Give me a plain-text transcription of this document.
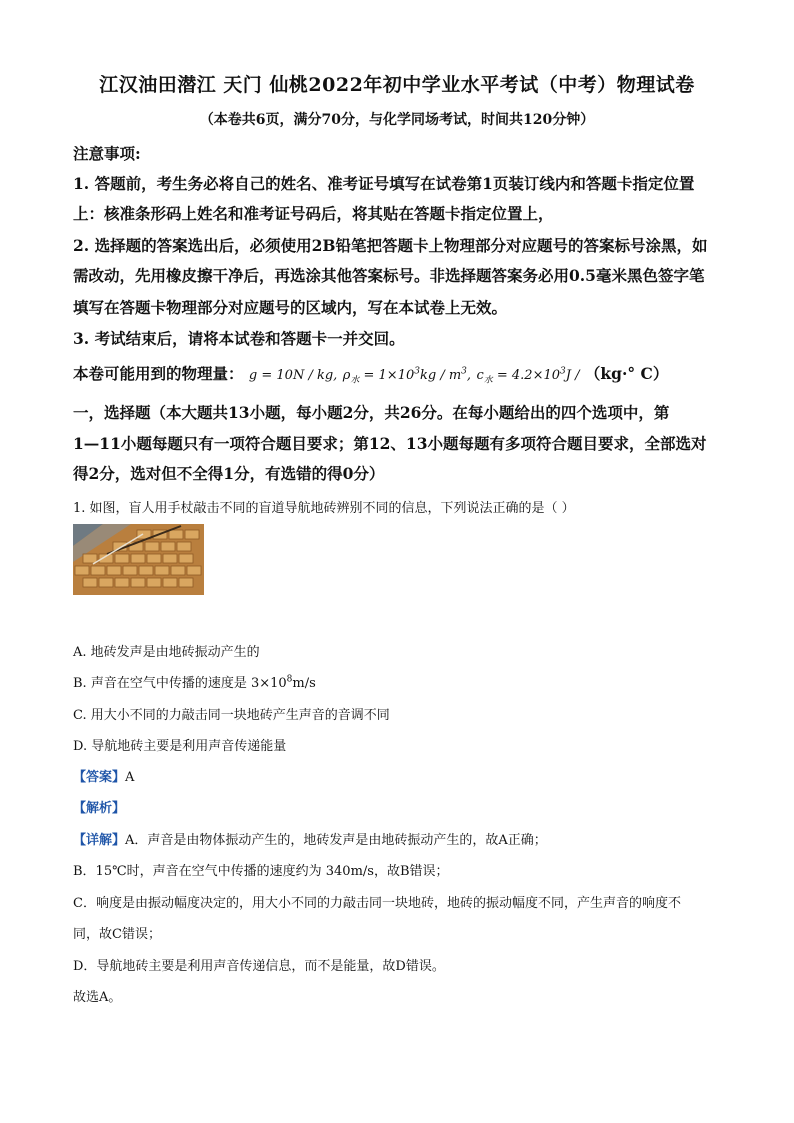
江汉油田潜江 天门 仙桃2022年初中学业水平考试（中考）物理试卷
（本卷共6页，满分70分，与化学同场考试，时间共120分钟）
注意事项:
1. 答题前，考生务必将自己的姓名、准考证号填写在试卷第1页装订线内和答题卡指定位置
上：核准条形码上姓名和准考证号码后，将其贴在答题卡指定位置上，
2. 选择题的答案选出后，必须使用2B铅笔把答题卡上物理部分对应题号的答案标号涂黑，如
需改动，先用橡皮擦干净后，再选涂其他答案标号。非选择题答案务必用0.5毫米黑色签字笔
填写在答题卡物理部分对应题号的区域内，写在本试卷上无效。
3. 考试结束后，请将本试卷和答题卡一并交回。
本卷可能用到的物理量： g = 10N / kg, $\rho_水 = 1\times 10^3kg / m^3$, $c_水 = 4.2\times 10^3J / (kg\cdot^\circ$ C）
一，选择题（本大题共13小题，每小题2分，共26分。在每小题给出的四个选项中，第
1—11小题每题只有一项符合题目要求；第12、13小题每题有多项符合题目要求，全部选对
得2分，选对但不全得1分，有选错的得0分）
1. 如图，盲人用手杖敲击不同的盲道导航地砖辨别不同的信息，下列说法正确的是（ ）
A. 地砖发声是由地砖振动产生的
B. 声音在空气中传播的速度是 $3\times 10^8m/s$
C. 用大小不同的力敲击同一块地砖产生声音的音调不同
D. 导航地砖主要是利用声音传递能量
【答案】A
【解析】
【详解】A．声音是由物体振动产生的，地砖发声是由地砖振动产生的，故A正确；
B．15℃时，声音在空气中传播的速度约为 340m/s，故B错误；
C．响度是由振动幅度决定的，用大小不同的力敲击同一块地砖，地砖的振动幅度不同，产生声音的响度不
同，故C错误；
D．导航地砖主要是利用声音传递信息，而不是能量，故D错误。
故选A。
